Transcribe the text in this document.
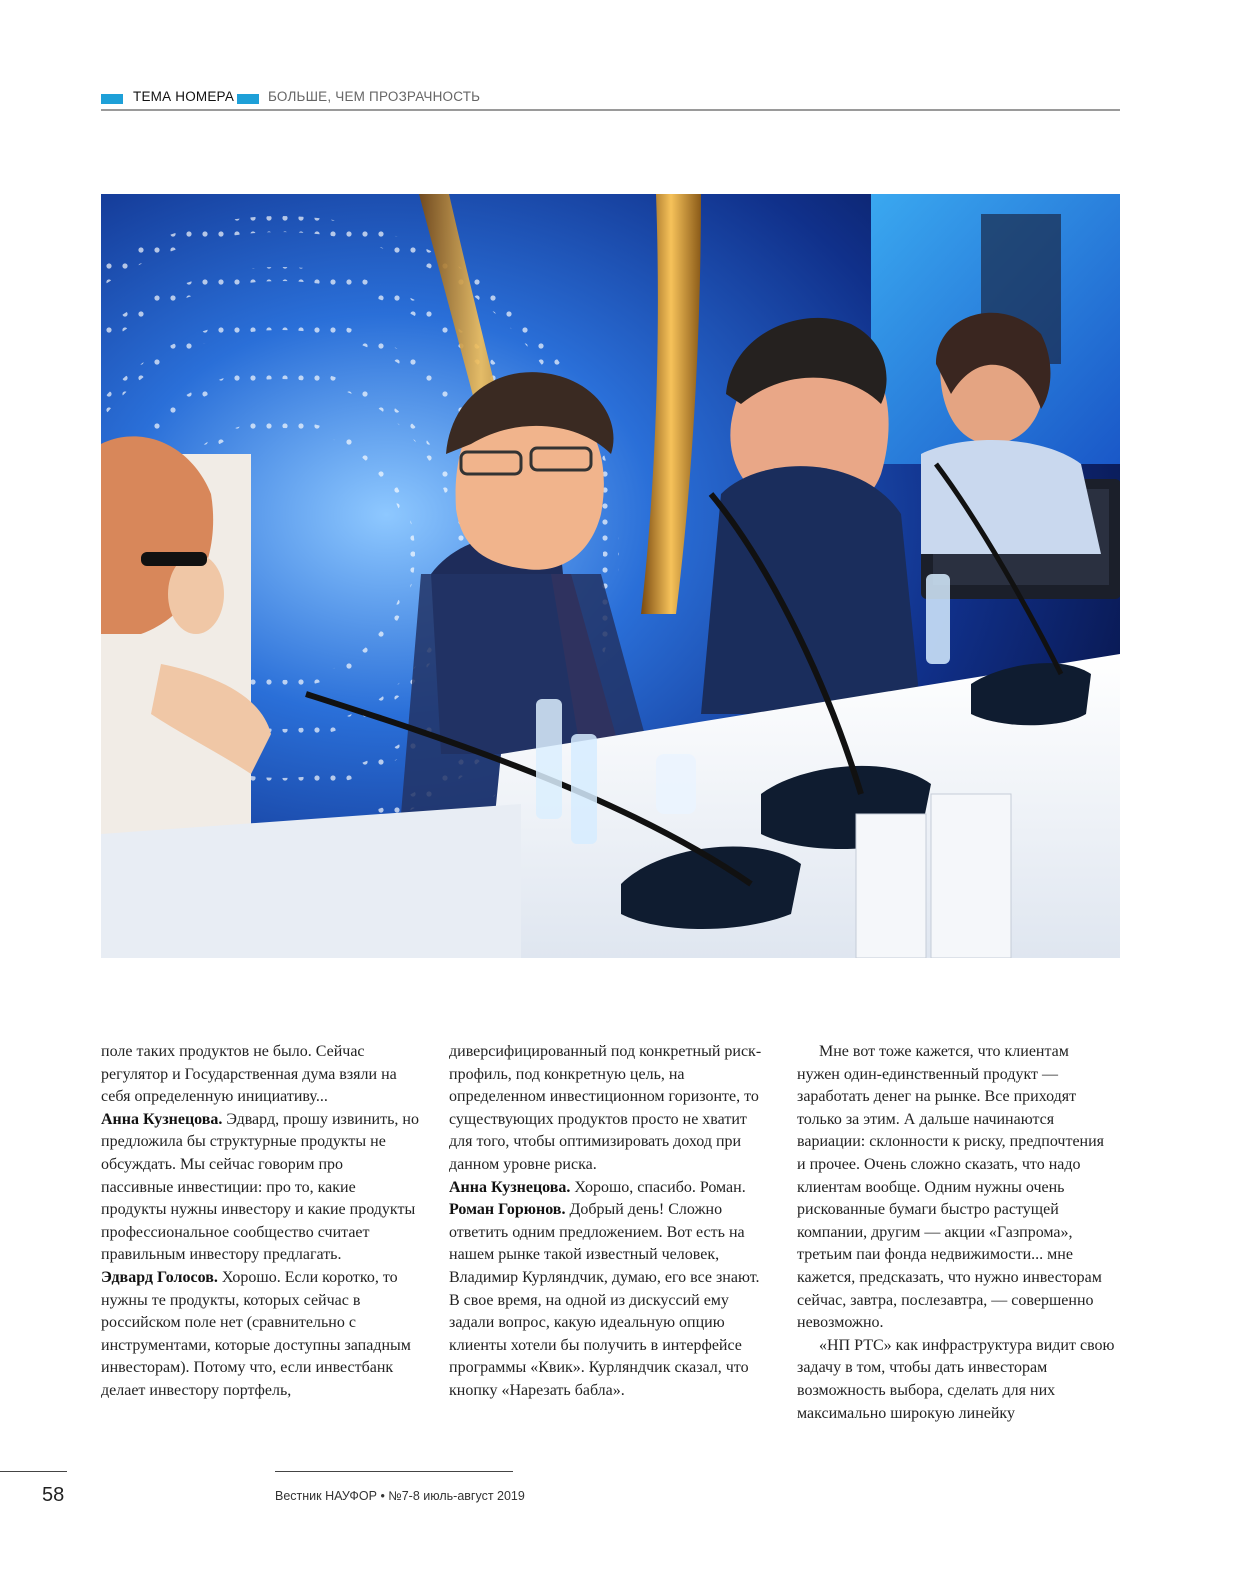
ТЕМА НОМЕРА	БОЛЬШЕ, ЧЕМ ПРОЗРАЧНОСТЬ

поле таких продуктов не было. Сейчас регулятор и Государственная дума взяли на себя определенную инициативу...

Анна Кузнецова. Эдвард, прошу извинить, но предложила бы структурные продукты не обсуждать. Мы сейчас говорим про пассивные инвестиции: про то, какие продукты нужны инвестору и какие продукты профессиональное сообщество считает правильным инвестору предлагать.

Эдвард Голосов. Хорошо. Если коротко, то нужны те продукты, которых сейчас в российском поле нет (сравнительно с инструментами, которые доступны западным инвесторам). Потому что, если инвестбанк делает инвестору портфель,

диверсифицированный под конкретный риск-профиль, под конкретную цель, на определенном инвестиционном горизонте, то существующих продуктов просто не хватит для того, чтобы оптимизировать доход при данном уровне риска.

Анна Кузнецова. Хорошо, спасибо. Роман.

Роман Горюнов. Добрый день! Сложно ответить одним предложением. Вот есть на нашем рынке такой известный человек, Владимир Курляндчик, думаю, его все знают. В свое время, на одной из дискуссий ему задали вопрос, какую идеальную опцию клиенты хотели бы получить в интерфейсе программы «Квик». Курляндчик сказал, что кнопку «Нарезать бабла».

Мне вот тоже кажется, что клиентам нужен один-единственный продукт — заработать денег на рынке. Все приходят только за этим. А дальше начинаются вариации: склонности к риску, предпочтения и прочее. Очень сложно сказать, что надо клиентам вообще. Одним нужны очень рискованные бумаги быстро растущей компании, другим — акции «Газпрома», третьим паи фонда недвижимости... мне кажется, предсказать, что нужно инвесторам сейчас, завтра, послезавтра, — совершенно невозможно.

«НП РТС» как инфраструктура видит свою задачу в том, чтобы дать инвесторам возможность выбора, сделать для них максимально широкую линейку

58	Вестник НАУФОР • №7-8 июль-август 2019
